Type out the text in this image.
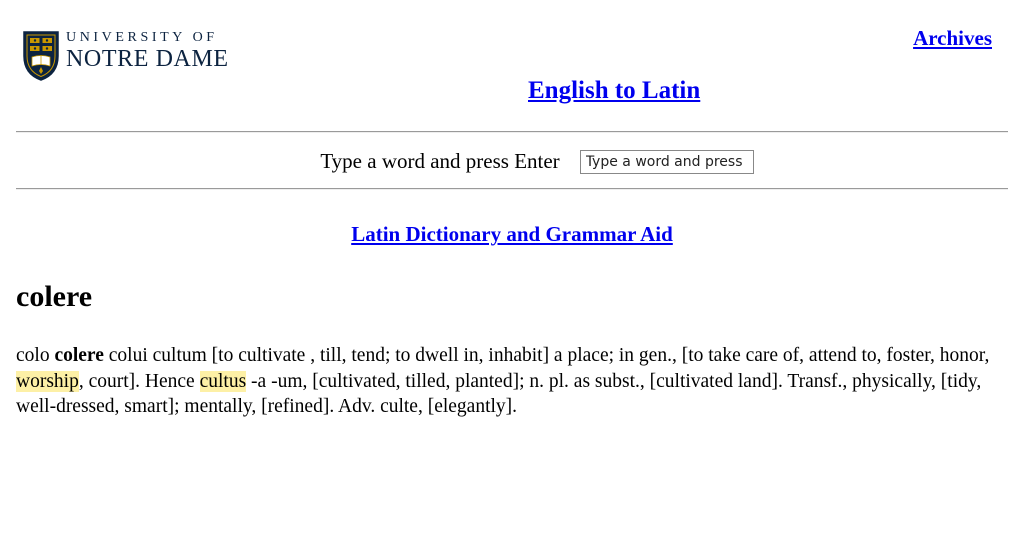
UNIVERSITY OF
NOTRE DAME
Archives
English to Latin
Type a word and press Enter
Type a word and press Enter
Latin Dictionary and Grammar Aid
colere

colo colere colui cultum [to cultivate , till, tend; to dwell in, inhabit] a place; in gen., [to take care of, attend to, foster, honor, worship, court]. Hence cultus -a -um, [cultivated, tilled, planted]; n. pl. as subst., [cultivated land]. Transf., physically, [tidy, well-dressed, smart]; mentally, [refined]. Adv. culte, [elegantly].
